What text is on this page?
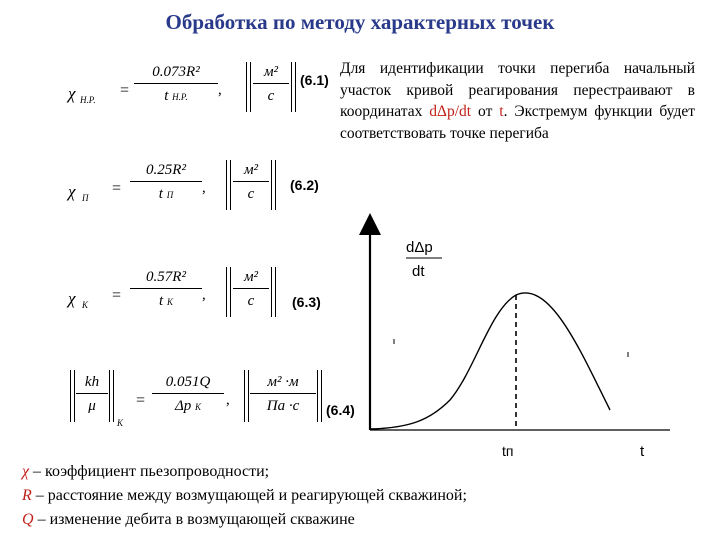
Обработка по методу характерных точек
χ Н.Р.
=
0.073R²
t Н.Р.	,
м²
с
(6.1)
χ П
=
0.25R²
t П	,
м²
с
(6.2)
χ К
=
0.57R²
t К	,
м²
с	(6.3)
$\frac{kh}{\mu}$
К
=
0.051Q
Δp К	,
м² ·м
Па ·с	(6.4)
Для идентификации точки перегиба начальный участок кривой реагирования перестраивают в координатах dΔp/dt от t. Экстремум функции будет соответствовать точке перегиба
dΔp
dt
t
tп
χ – коэффициент пьезопроводности;
R – расстояние между возмущающей и реагирующей скважиной;
Q – изменение дебита в возмущающей скважине
